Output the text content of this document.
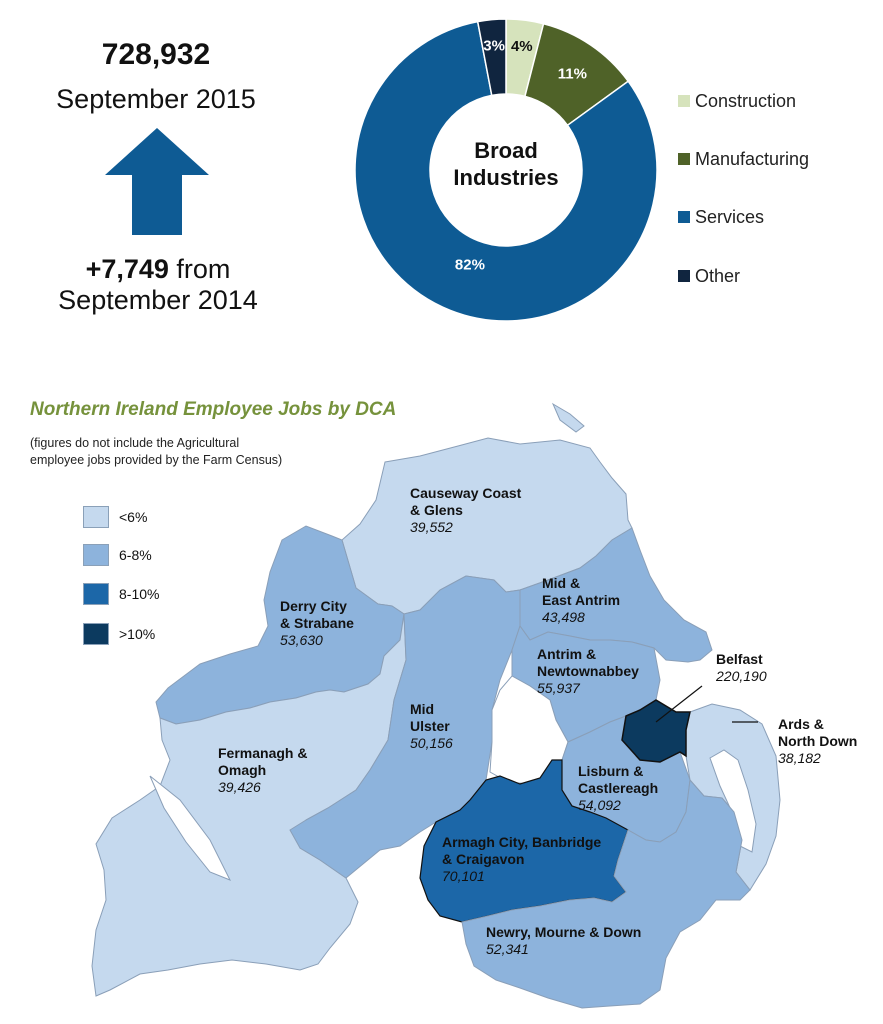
728,932
September 2015
+7,749 from
September 2014
4%
11%
82%
3%
Broad
Industries
Construction
Manufacturing
Services
Other
Northern Ireland Employee Jobs by DCA
(figures do not include the Agricultural
employee jobs provided by the Farm Census)
<6%
6-8%
8-10%
>10%
Causeway Coast
& Glens
39,552
Derry City
& Strabane
53,630
Mid &
East Antrim
43,498
Antrim &
Newtownabbey
55,937
Belfast
220,190
Ards &
North Down
38,182
Mid
Ulster
50,156
Fermanagh &
Omagh
39,426
Lisburn &
Castlereagh
54,092
Armagh City, Banbridge
& Craigavon
70,101
Newry, Mourne & Down
52,341
